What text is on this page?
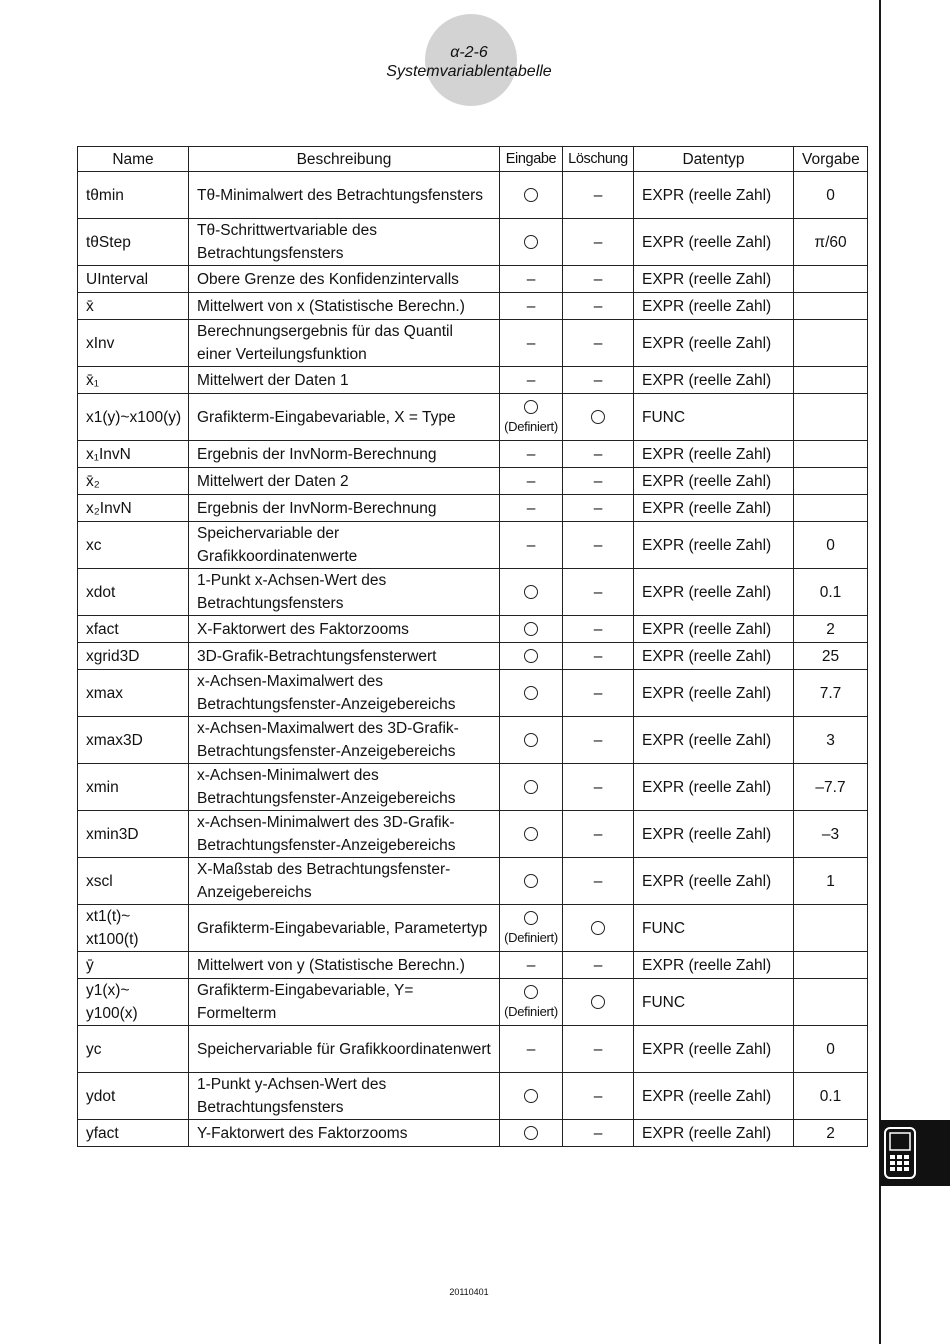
α-2-6
Systemvariablentabelle
Name	Beschreibung	Eingabe	Löschung	Datentyp	Vorgabe
tθmin	Tθ-Minimalwert des Betrachtungsfensters		–	EXPR (reelle Zahl)	0
tθStep	Tθ-Schrittwertvariable des Betrachtungsfensters		–	EXPR (reelle Zahl)	π/60
UInterval	Obere Grenze des Konfidenzintervalls	–	–	EXPR (reelle Zahl)	
x̄	Mittelwert von x (Statistische Berechn.)	–	–	EXPR (reelle Zahl)	
xInv	Berechnungsergebnis für das Quantil einer Verteilungsfunktion	–	–	EXPR (reelle Zahl)	
x̄₁	Mittelwert der Daten 1	–	–	EXPR (reelle Zahl)	
x1(y)~x100(y)	Grafikterm-Eingabevariable, X = Type	(Definiert)		FUNC	
x₁InvN	Ergebnis der InvNorm-Berechnung	–	–	EXPR (reelle Zahl)	
x̄₂	Mittelwert der Daten 2	–	–	EXPR (reelle Zahl)	
x₂InvN	Ergebnis der InvNorm-Berechnung	–	–	EXPR (reelle Zahl)	
xc	Speichervariable der Grafikkoordinatenwerte	–	–	EXPR (reelle Zahl)	0
xdot	1-Punkt x-Achsen-Wert des Betrachtungsfensters		–	EXPR (reelle Zahl)	0.1
xfact	X-Faktorwert des Faktorzooms		–	EXPR (reelle Zahl)	2
xgrid3D	3D-Grafik-Betrachtungsfensterwert		–	EXPR (reelle Zahl)	25
xmax	x-Achsen-Maximalwert des Betrachtungsfenster-Anzeigebereichs		–	EXPR (reelle Zahl)	7.7
xmax3D	x-Achsen-Maximalwert des 3D-Grafik-Betrachtungsfenster-Anzeigebereichs		–	EXPR (reelle Zahl)	3
xmin	x-Achsen-Minimalwert des Betrachtungsfenster-Anzeigebereichs		–	EXPR (reelle Zahl)	–7.7
xmin3D	x-Achsen-Minimalwert des 3D-Grafik-Betrachtungsfenster-Anzeigebereichs		–	EXPR (reelle Zahl)	–3
xscl	X-Maßstab des Betrachtungsfenster-Anzeigebereichs		–	EXPR (reelle Zahl)	1
xt1(t)~ xt100(t)	Grafikterm-Eingabevariable, Parametertyp	(Definiert)		FUNC	
ȳ	Mittelwert von y (Statistische Berechn.)	–	–	EXPR (reelle Zahl)	
y1(x)~ y100(x)	Grafikterm-Eingabevariable, Y= Formelterm	(Definiert)		FUNC	
yc	Speichervariable für Grafikkoordinatenwert	–	–	EXPR (reelle Zahl)	0
ydot	1-Punkt y-Achsen-Wert des Betrachtungsfensters		–	EXPR (reelle Zahl)	0.1
yfact	Y-Faktorwert des Faktorzooms		–	EXPR (reelle Zahl)	2
20110401
